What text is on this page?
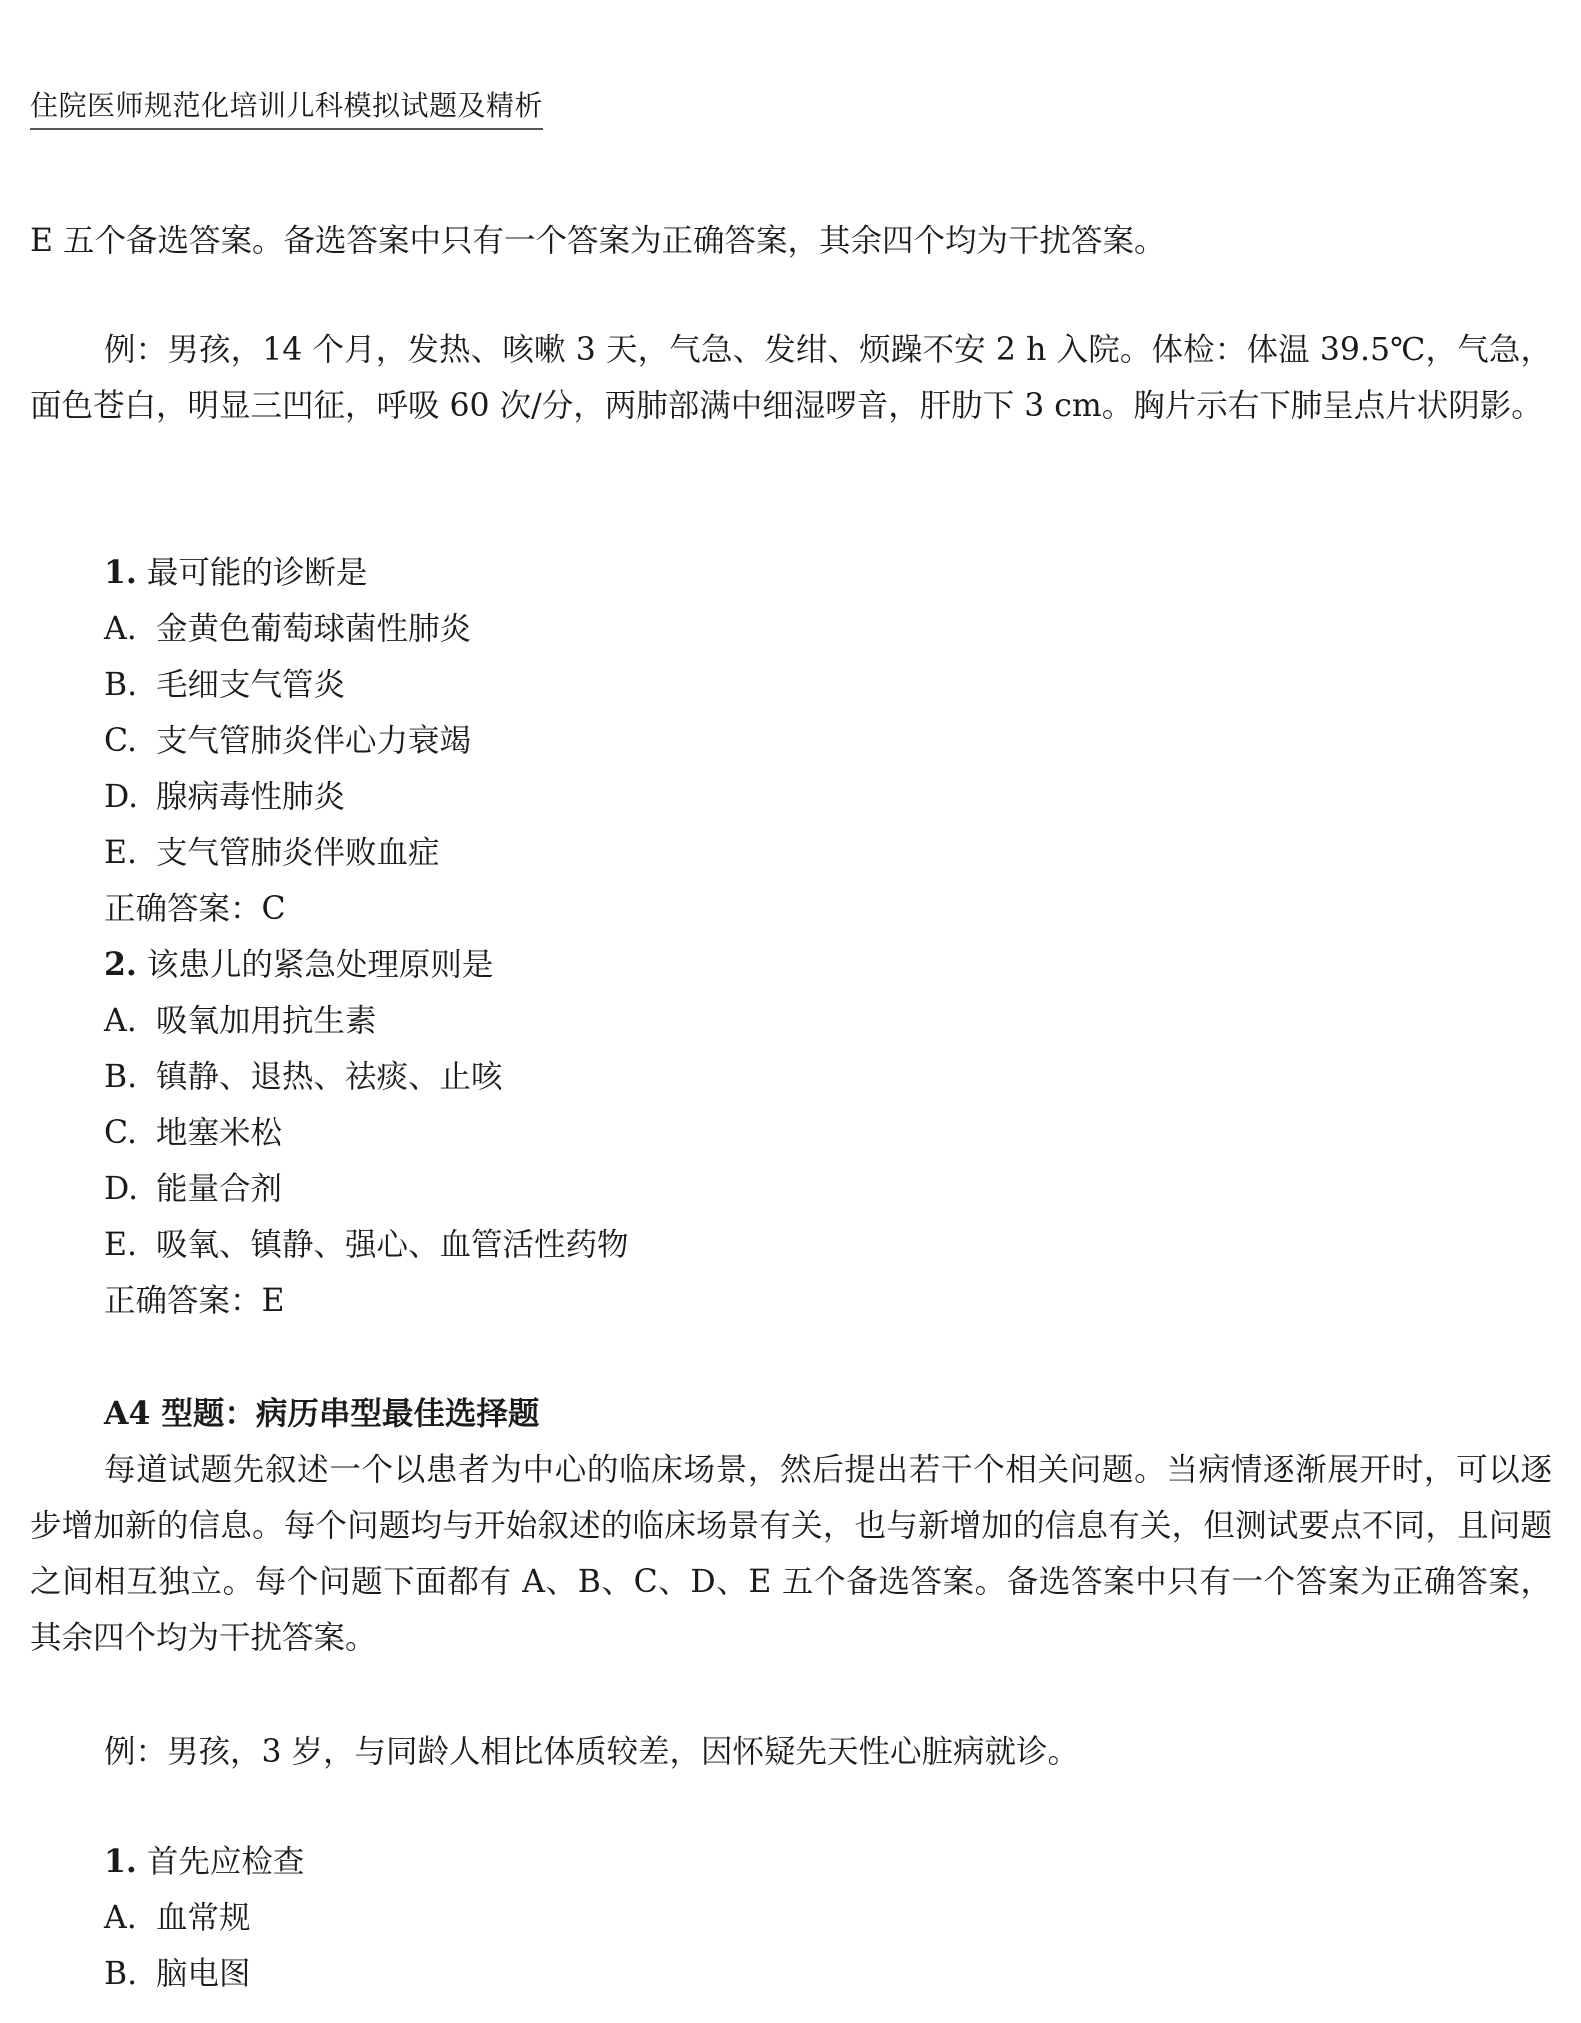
住院医师规范化培训儿科模拟试题及精析

E 五个备选答案。备选答案中只有一个答案为正确答案，其余四个均为干扰答案。

例：男孩，14 个月，发热、咳嗽 3 天，气急、发绀、烦躁不安 2 h 入院。体检：体温 39.5℃，气急，面色苍白，明显三凹征，呼吸 60 次/分，两肺部满中细湿啰音，肝肋下 3 cm。胸片示右下肺呈点片状阴影。

1. 最可能的诊断是
A. 金黄色葡萄球菌性肺炎
B. 毛细支气管炎
C. 支气管肺炎伴心力衰竭
D. 腺病毒性肺炎
E. 支气管肺炎伴败血症
正确答案：C
2. 该患儿的紧急处理原则是
A. 吸氧加用抗生素
B. 镇静、退热、祛痰、止咳
C. 地塞米松
D. 能量合剂
E. 吸氧、镇静、强心、血管活性药物
正确答案：E
A4 型题：病历串型最佳选择题

每道试题先叙述一个以患者为中心的临床场景，然后提出若干个相关问题。当病情逐渐展开时，可以逐步增加新的信息。每个问题均与开始叙述的临床场景有关，也与新增加的信息有关，但测试要点不同，且问题之间相互独立。每个问题下面都有 A、B、C、D、E 五个备选答案。备选答案中只有一个答案为正确答案，其余四个均为干扰答案。

例：男孩，3 岁，与同龄人相比体质较差，因怀疑先天性心脏病就诊。

1. 首先应检查
A. 血常规
B. 脑电图
